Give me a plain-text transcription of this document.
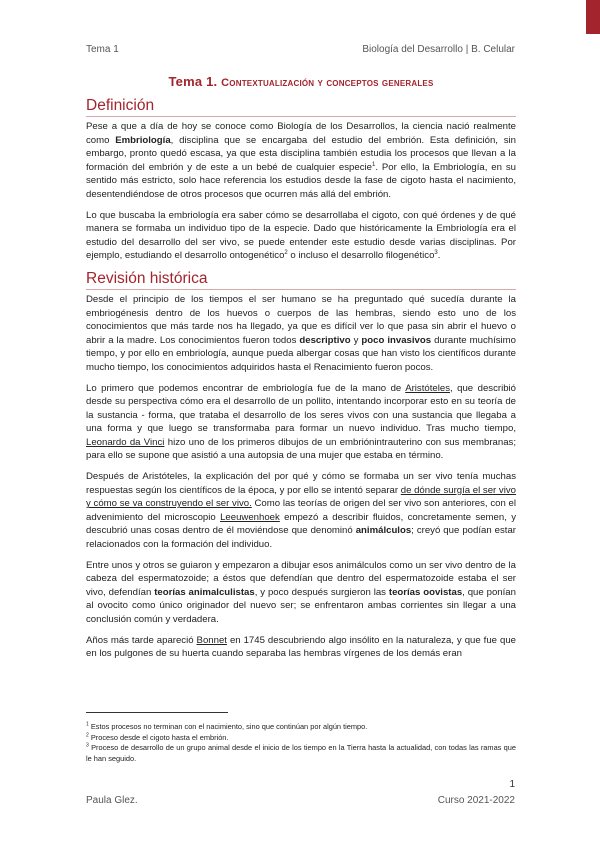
Tema 1	Biología del Desarrollo | B. Celular
Tema 1. Contextualización y conceptos generales
Definición

Pese a que a día de hoy se conoce como Biología de los Desarrollos, la ciencia nació realmente como Embriología, disciplina que se encargaba del estudio del embrión. Esta definición, sin embargo, pronto quedó escasa, ya que esta disciplina también estudia los procesos que llevan a la formación del embrión y de este a un bebé de cualquier especie$^1$. Por ello, la Embriología, en su sentido más estricto, solo hace referencia los estudios desde la fase de cigoto hasta el nacimiento, desentendiéndose de otros procesos que ocurren más allá del embrión.

Lo que buscaba la embriología era saber cómo se desarrollaba el cigoto, con qué órdenes y de qué manera se formaba un individuo tipo de la especie. Dado que históricamente la Embriología era el estudio del desarrollo del ser vivo, se puede entender este estudio desde varias disciplinas. Por ejemplo, estudiando el desarrollo ontogenético$^2$ o incluso el desarrollo filogenético$^3$.

Revisión histórica

Desde el principio de los tiempos el ser humano se ha preguntado qué sucedía durante la embriogénesis dentro de los huevos o cuerpos de las hembras, siendo esto uno de los conocimientos que más tarde nos ha llegado, ya que es difícil ver lo que pasa sin abrir el huevo o abrir a la madre. Los conocimientos fueron todos descriptivo y poco invasivos durante muchísimo tiempo, y por ello en embriología, aunque pueda albergar cosas que han visto los científicos durante mucho tiempo, los conocimientos adquiridos hasta el Renacimiento fueron pocos.

Lo primero que podemos encontrar de embriología fue de la mano de Aristóteles, que describió desde su perspectiva cómo era el desarrollo de un pollito, intentando incorporar esto en su teoría de la sustancia - forma, que trataba el desarrollo de los seres vivos con una sustancia que llegaba a una forma y que luego se transformaba para formar un nuevo individuo. Tras mucho tiempo, Leonardo da Vinci hizo uno de los primeros dibujos de un embriónintrauterino con sus membranas; para ello se supone que asistió a una autopsia de una mujer que estaba en término.

Después de Aristóteles, la explicación del por qué y cómo se formaba un ser vivo tenía muchas respuestas según los científicos de la época, y por ello se intentó separar de dónde surgía el ser vivo y cómo se va construyendo el ser vivo. Como las teorías de origen del ser vivo son anteriores, con el advenimiento del microscopio Leeuwenhoek empezó a describir fluidos, concretamente semen, y descubrió unas cosas dentro de él moviéndose que denominó animálculos; creyó que podían estar relacionados con la formación del individuo.

Entre unos y otros se guiaron y empezaron a dibujar esos animálculos como un ser vivo dentro de la cabeza del espermatozoide; a éstos que defendían que dentro del espermatozoide estaba el ser vivo, defendían teorías animalculistas, y poco después surgieron las teorías oovistas, que ponían al ovocito como único originador del nuevo ser; se enfrentaron ambas corrientes sin llegar a una conclusión común y verdadera.

Años más tarde apareció Bonnet en 1745 descubriendo algo insólito en la naturaleza, y que fue que en los pulgones de su huerta cuando separaba las hembras vírgenes de los demás eran

$^1$ Estos procesos no terminan con el nacimiento, sino que continúan por algún tiempo.

$^2$ Proceso desde el cigoto hasta el embrión.

$^3$ Proceso de desarrollo de un grupo animal desde el inicio de los tiempo en la Tierra hasta la actualidad, con todas las ramas que le han seguido.

1
Paula Glez.	Curso 2021-2022
